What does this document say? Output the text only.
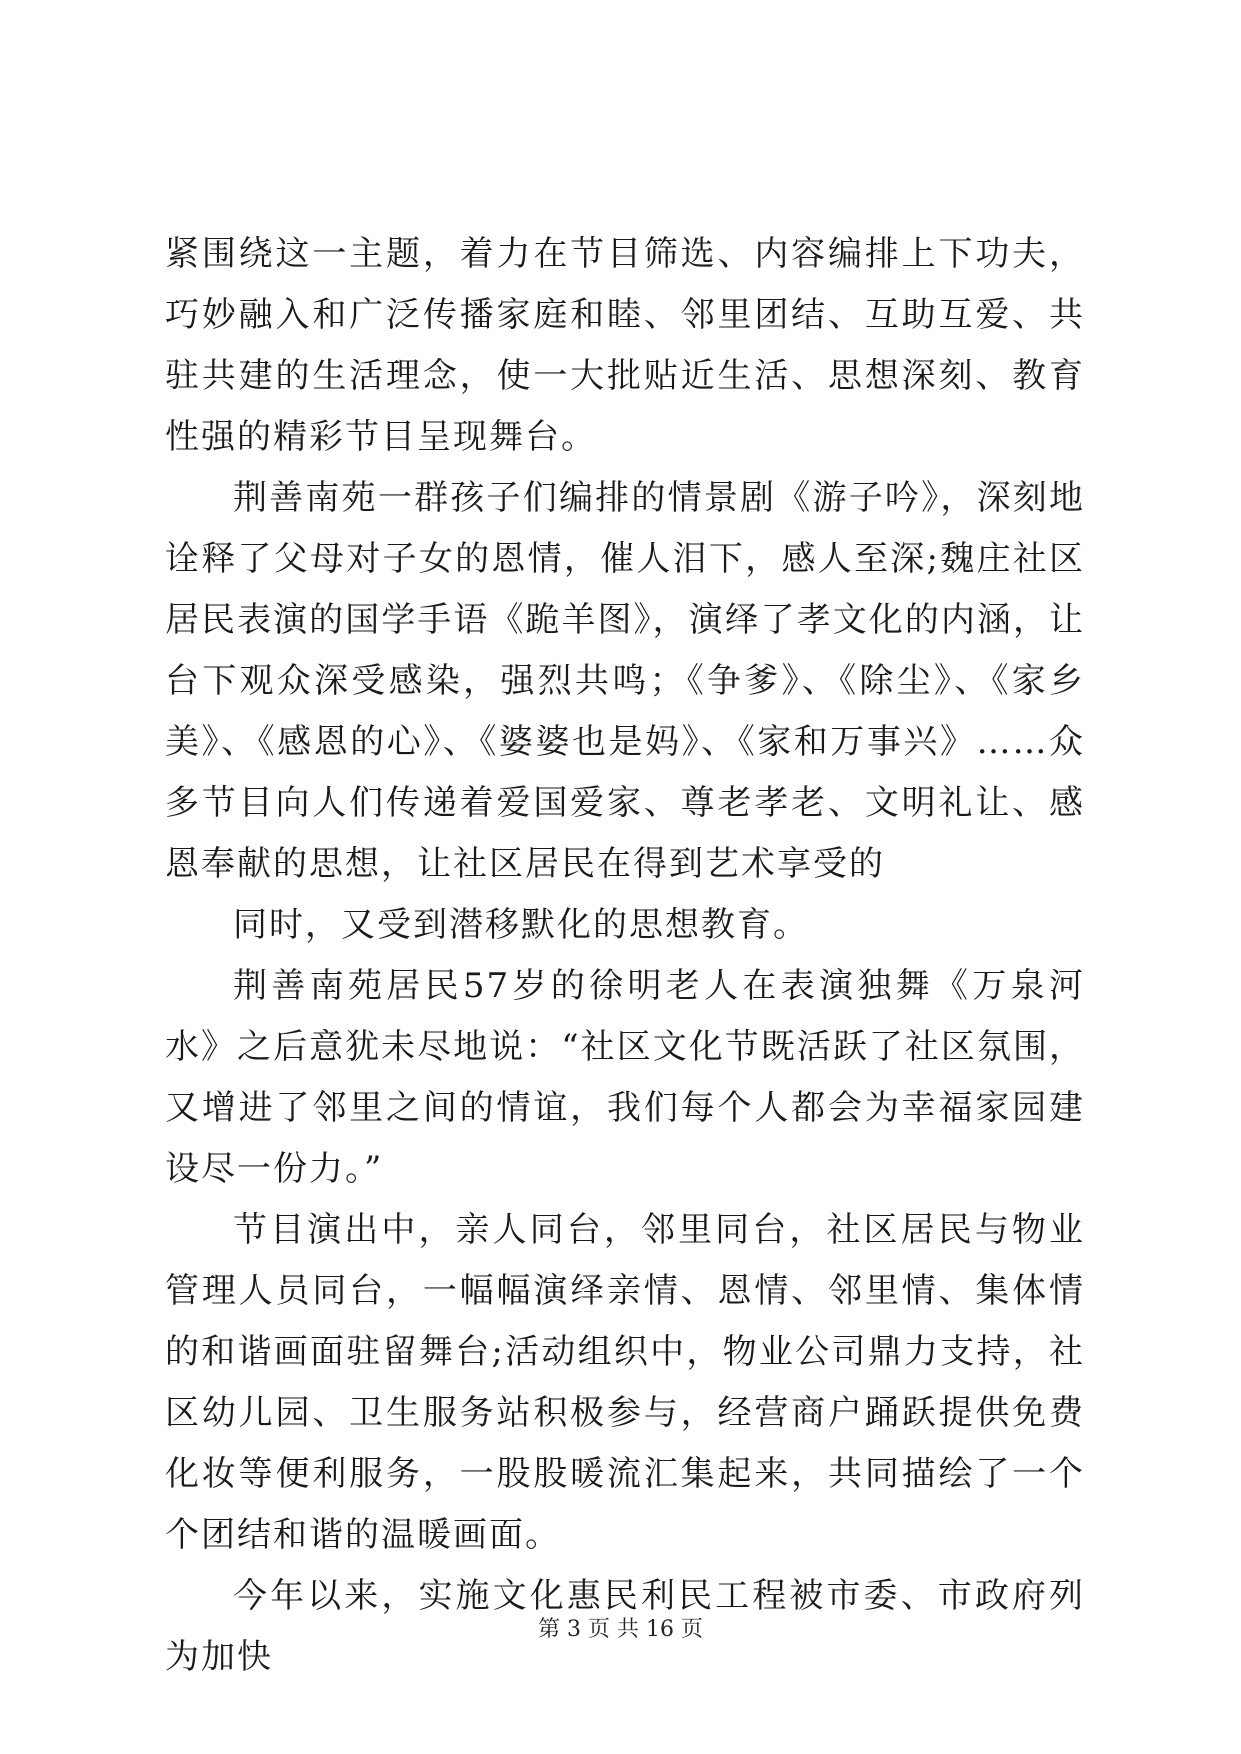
紧围绕这一主题，着力在节目筛选、内容编排上下功夫，巧妙融入和广泛传播家庭和睦、邻里团结、互助互爱、共驻共建的生活理念，使一大批贴近生活、思想深刻、教育性强的精彩节目呈现舞台。

荆善南苑一群孩子们编排的情景剧《游子吟》，深刻地诠释了父母对子女的恩情，催人泪下，感人至深;魏庄社区居民表演的国学手语《跪羊图》，演绎了孝文化的内涵，让台下观众深受感染，强烈共鸣；《争爹》、《除尘》、《家乡美》、《感恩的心》、《婆婆也是妈》、《家和万事兴》……众多节目向人们传递着爱国爱家、尊老孝老、文明礼让、感恩奉献的思想，让社区居民在得到艺术享受的

同时，又受到潜移默化的思想教育。

荆善南苑居民57岁的徐明老人在表演独舞《万泉河水》之后意犹未尽地说：“社区文化节既活跃了社区氛围，又增进了邻里之间的情谊，我们每个人都会为幸福家园建设尽一份力。”

节目演出中，亲人同台，邻里同台，社区居民与物业管理人员同台，一幅幅演绎亲情、恩情、邻里情、集体情的和谐画面驻留舞台;活动组织中，物业公司鼎力支持，社区幼儿园、卫生服务站积极参与，经营商户踊跃提供免费化妆等便利服务，一股股暖流汇集起来，共同描绘了一个个团结和谐的温暖画面。

今年以来，实施文化惠民利民工程被市委、市政府列为加快

第 3 页 共 16 页
